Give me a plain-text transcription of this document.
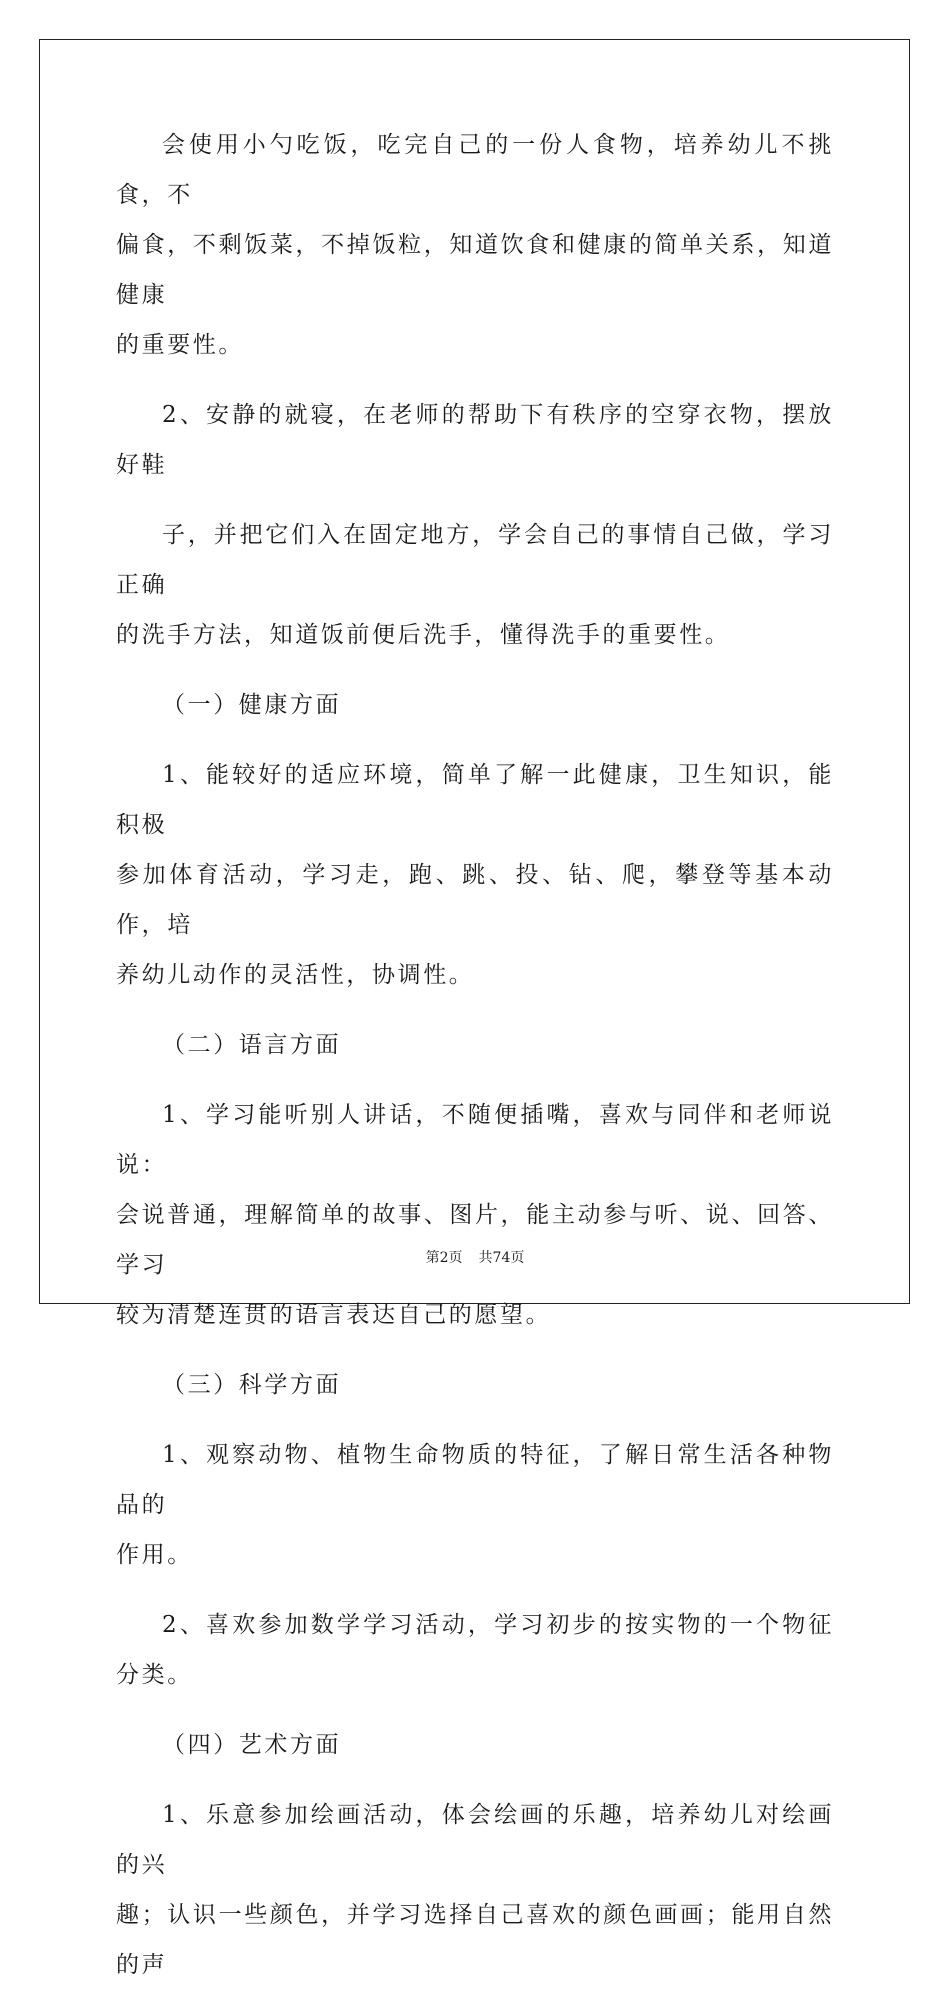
会使用小勺吃饭，吃完自己的一份人食物，培养幼儿不挑食，不

偏食，不剩饭菜，不掉饭粒，知道饮食和健康的简单关系，知道健康

的重要性。

2、安静的就寝，在老师的帮助下有秩序的空穿衣物，摆放好鞋

子，并把它们入在固定地方，学会自己的事情自己做，学习正确

的洗手方法，知道饭前便后洗手，懂得洗手的重要性。

（一）健康方面

1、能较好的适应环境，简单了解一此健康，卫生知识，能积极

参加体育活动，学习走，跑、跳、投、钻、爬，攀登等基本动作，培

养幼儿动作的灵活性，协调性。

（二）语言方面

1、学习能听别人讲话，不随便插嘴，喜欢与同伴和老师说说：

会说普通，理解简单的故事、图片，能主动参与听、说、回答、学习

较为清楚连贯的语言表达自己的愿望。

（三）科学方面

1、观察动物、植物生命物质的特征，了解日常生活各种物品的

作用。

2、喜欢参加数学学习活动，学习初步的按实物的一个物征分类。

（四）艺术方面

1、乐意参加绘画活动，体会绘画的乐趣，培养幼儿对绘画的兴

趣；认识一些颜色，并学习选择自己喜欢的颜色画画；能用自然的声

第2页 共74页
